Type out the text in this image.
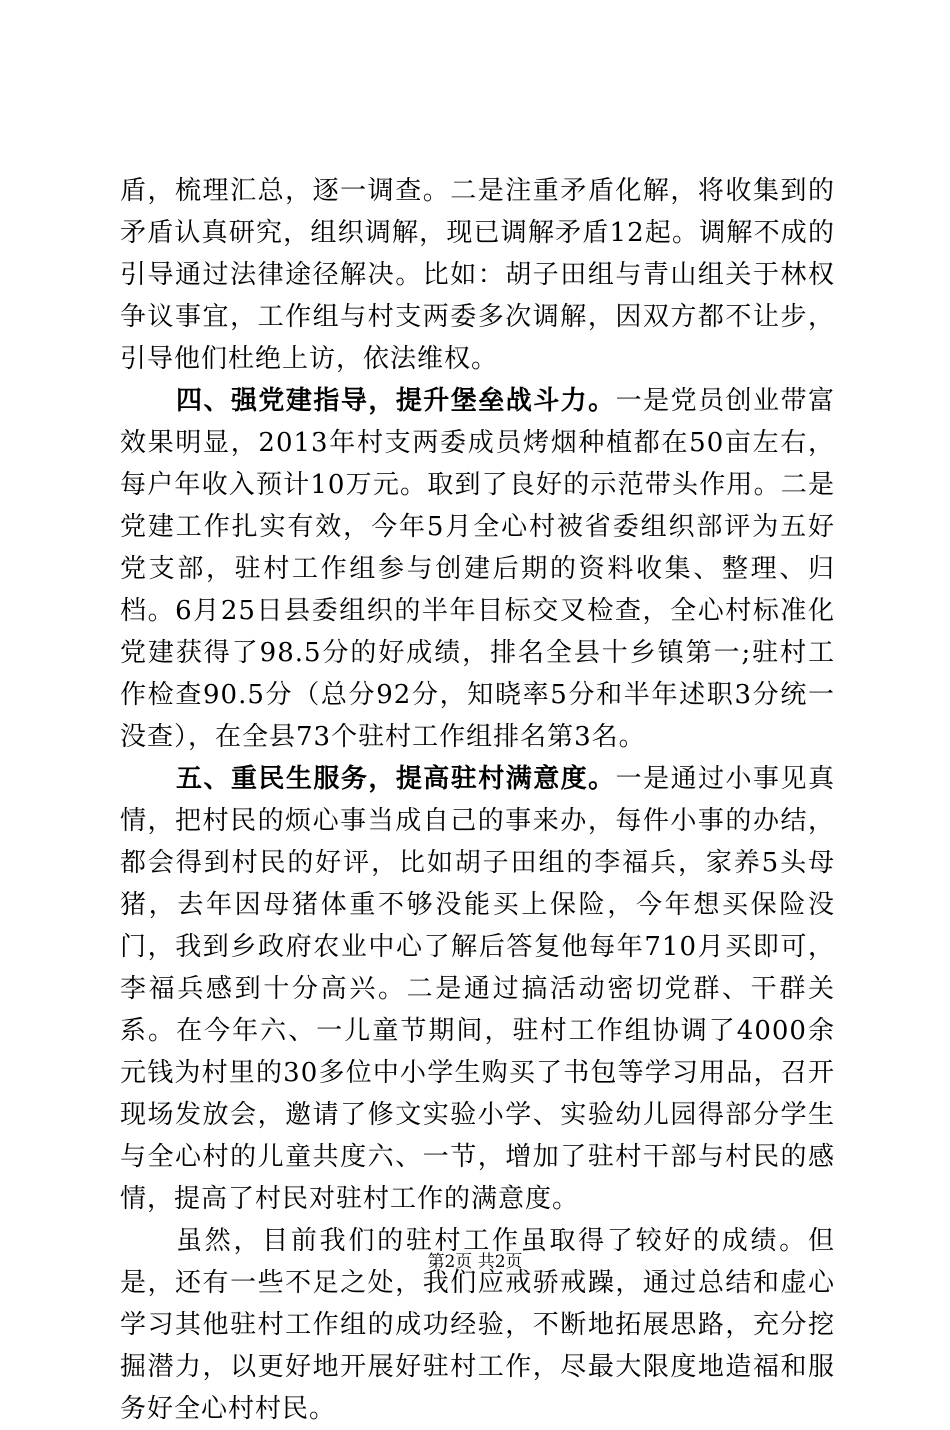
盾，梳理汇总，逐一调查。二是注重矛盾化解，将收集到的矛盾认真研究，组织调解，现已调解矛盾12起。调解不成的引导通过法律途径解决。比如：胡子田组与青山组关于林权争议事宜，工作组与村支两委多次调解，因双方都不让步，引导他们杜绝上访，依法维权。

四、强党建指导，提升堡垒战斗力。一是党员创业带富效果明显，2013年村支两委成员烤烟种植都在50亩左右，每户年收入预计10万元。取到了良好的示范带头作用。二是党建工作扎实有效，今年5月全心村被省委组织部评为五好党支部，驻村工作组参与创建后期的资料收集、整理、归档。6月25日县委组织的半年目标交叉检查，全心村标准化党建获得了98.5分的好成绩，排名全县十乡镇第一;驻村工作检查90.5分（总分92分，知晓率5分和半年述职3分统一没查），在全县73个驻村工作组排名第3名。

五、重民生服务，提高驻村满意度。一是通过小事见真情，把村民的烦心事当成自己的事来办，每件小事的办结，都会得到村民的好评，比如胡子田组的李福兵，家养5头母猪，去年因母猪体重不够没能买上保险，今年想买保险没门，我到乡政府农业中心了解后答复他每年710月买即可，李福兵感到十分高兴。二是通过搞活动密切党群、干群关系。在今年六、一儿童节期间，驻村工作组协调了4000余元钱为村里的30多位中小学生购买了书包等学习用品，召开现场发放会，邀请了修文实验小学、实验幼儿园得部分学生与全心村的儿童共度六、一节，增加了驻村干部与村民的感情，提高了村民对驻村工作的满意度。

虽然，目前我们的驻村工作虽取得了较好的成绩。但是，还有一些不足之处，我们应戒骄戒躁，通过总结和虚心学习其他驻村工作组的成功经验，不断地拓展思路，充分挖掘潜力，以更好地开展好驻村工作，尽最大限度地造福和服务好全心村村民。

第2页 共2页
